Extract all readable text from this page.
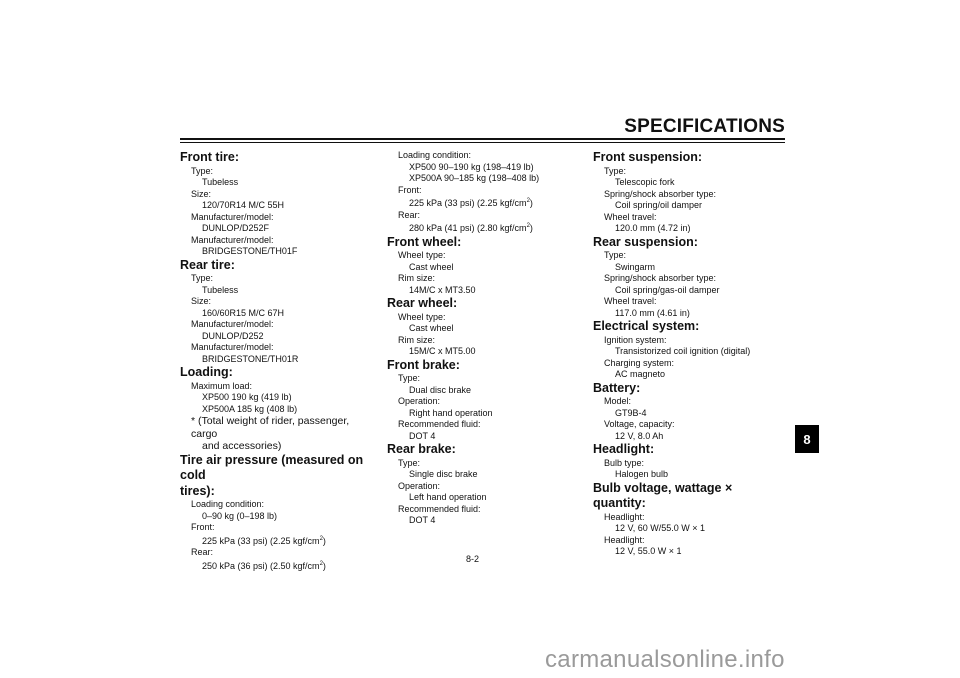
SPECIFICATIONS
Front tire:

Type:

Tubeless

Size:

120/70R14 M/C 55H

Manufacturer/model:

DUNLOP/D252F

Manufacturer/model:

BRIDGESTONE/TH01F

Rear tire:

Type:

Tubeless

Size:

160/60R15 M/C 67H

Manufacturer/model:

DUNLOP/D252

Manufacturer/model:

BRIDGESTONE/TH01R

Loading:

Maximum load:

XP500 190 kg (419 lb)

XP500A 185 kg (408 lb)

* (Total weight of rider, passenger, cargo

and accessories)

Tire air pressure (measured on cold
tires):

Loading condition:

0–90 kg (0–198 lb)

Front:

225 kPa (33 psi) (2.25 kgf/$cm^2$)

Rear:

250 kPa (36 psi) (2.50 kgf/$cm^2$)

Loading condition:

XP500 90–190 kg (198–419 lb)

XP500A 90–185 kg (198–408 lb)

Front:

225 kPa (33 psi) (2.25 kgf/$cm^2$)

Rear:

280 kPa (41 psi) (2.80 kgf/$cm^2$)

Front wheel:

Wheel type:

Cast wheel

Rim size:

14M/C x MT3.50

Rear wheel:

Wheel type:

Cast wheel

Rim size:

15M/C x MT5.00

Front brake:

Type:

Dual disc brake

Operation:

Right hand operation

Recommended fluid:

DOT 4

Rear brake:

Type:

Single disc brake

Operation:

Left hand operation

Recommended fluid:

DOT 4

Front suspension:

Type:

Telescopic fork

Spring/shock absorber type:

Coil spring/oil damper

Wheel travel:

120.0 mm (4.72 in)

Rear suspension:

Type:

Swingarm

Spring/shock absorber type:

Coil spring/gas-oil damper

Wheel travel:

117.0 mm (4.61 in)

Electrical system:

Ignition system:

Transistorized coil ignition (digital)

Charging system:

AC magneto

Battery:

Model:

GT9B-4

Voltage, capacity:

12 V, 8.0 Ah

Headlight:

Bulb type:

Halogen bulb

Bulb voltage, wattage × quantity:

Headlight:

12 V, 60 W/55.0 W × 1

Headlight:

12 V, 55.0 W × 1

8-2
8
carmanualsonline.info
